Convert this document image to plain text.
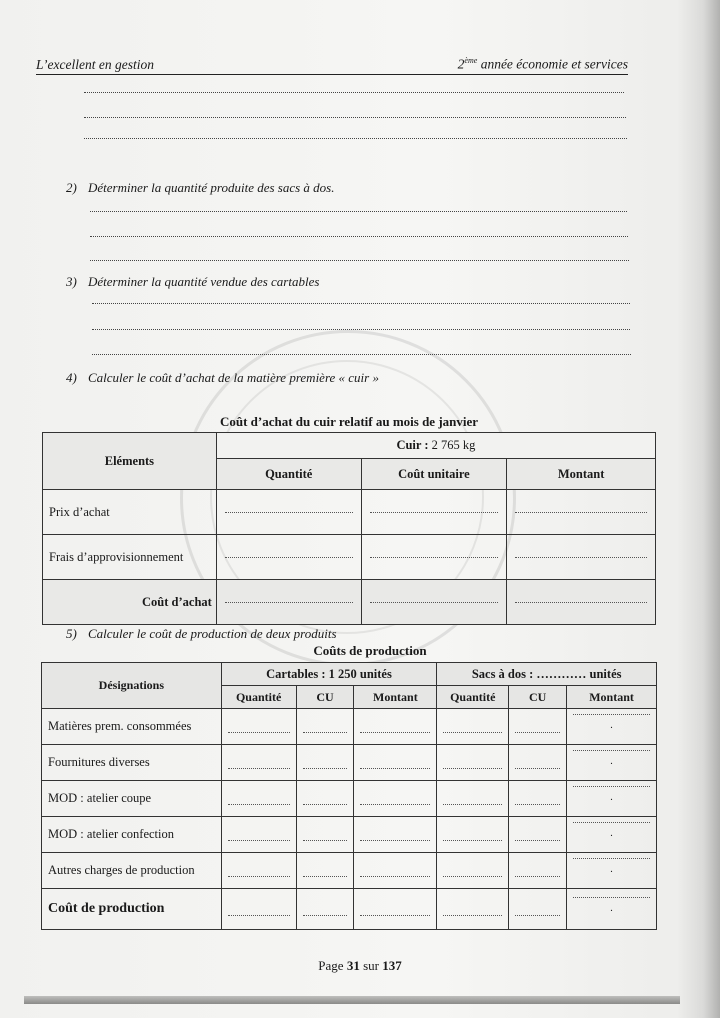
L’excellent en gestion	2ème année économie et services
2) Déterminer la quantité produite des sacs à dos.
3) Déterminer la quantité vendue des cartables
4) Calculer le coût d’achat de la matière première « cuir »
Coût d’achat du cuir relatif au mois de janvier
Eléments	Cuir : 2 765 kg		
	Quantité	Coût unitaire	Montant
Prix d’achat	

Frais d’approvisionnement	

Coût d’achat	

5) Calculer le coût de production de deux produits
Coûts de production
Désignations	Cartables : 1 250 unités			Sacs à dos : ………… unités		
	Quantité	CU	Montant	Quantité	CU	Montant
Matières prem. consommées						.

Fournitures diverses						.

MOD : atelier coupe						.

MOD : atelier confection						.

Autres charges de production						.

Coût de production						.
Page 31 sur 137
